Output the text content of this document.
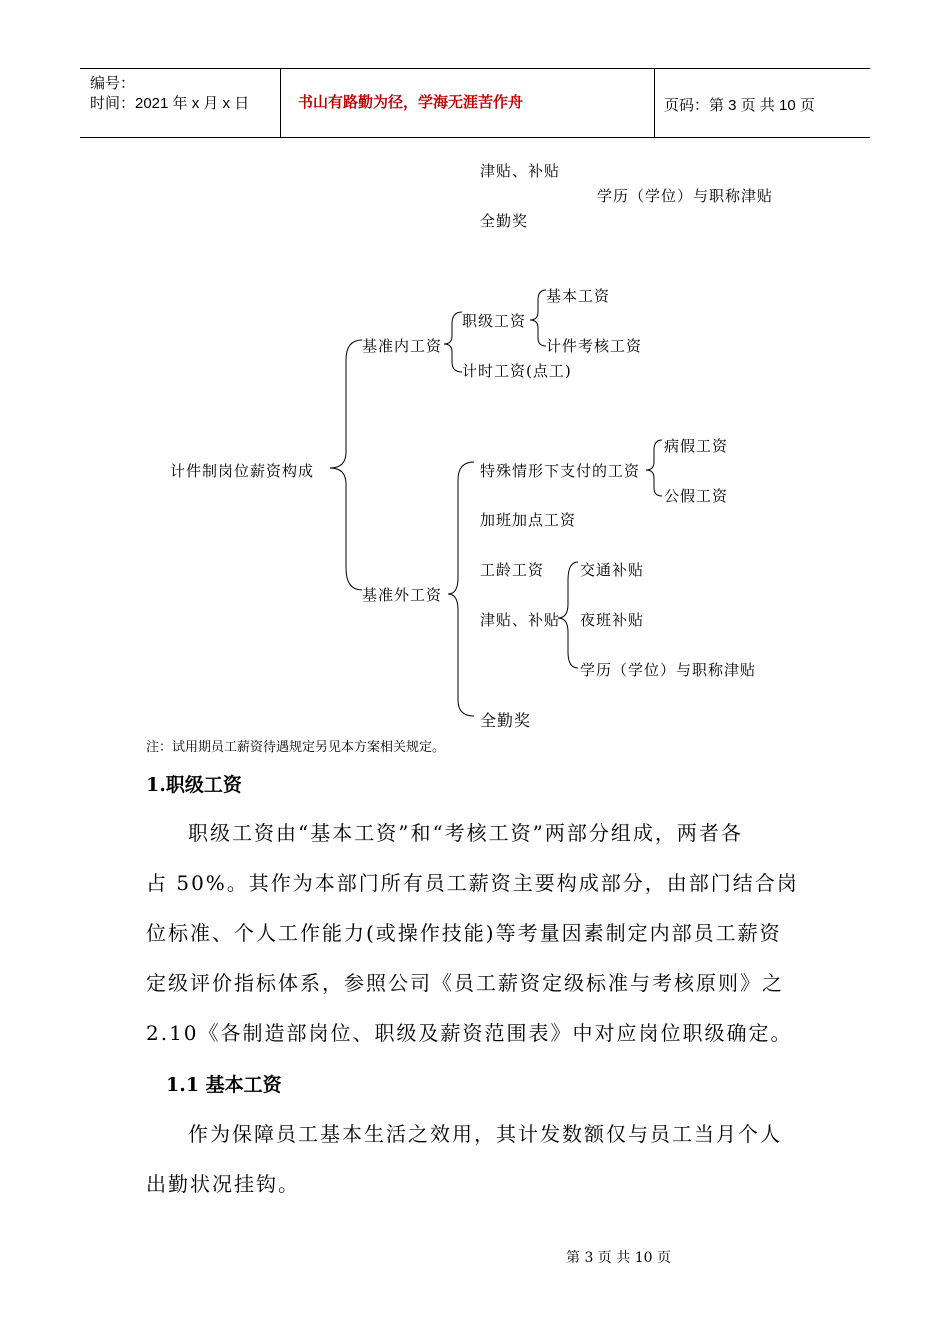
编号：
时间：2021 年 x 月 x 日	书山有路勤为径，学海无涯苦作舟	页码：第 3 页 共 10 页
津贴、补贴
学历（学位）与职称津贴
全勤奖
计件制岗位薪资构成
基准内工资
职级工资
基本工资
计件考核工资
计时工资(点工)
基准外工资
特殊情形下支付的工资
病假工资
公假工资
加班加点工资
工龄工资 交通补贴
津贴、补贴 夜班补贴
学历（学位）与职称津贴
全勤奖
注：试用期员工薪资待遇规定另见本方案相关规定。
1.职级工资
职级工资由“基本工资”和“考核工资”两部分组成，两者各
占 50%。其作为本部门所有员工薪资主要构成部分，由部门结合岗
位标准、个人工作能力(或操作技能)等考量因素制定内部员工薪资
定级评价指标体系，参照公司《员工薪资定级标准与考核原则》之
2.10《各制造部岗位、职级及薪资范围表》中对应岗位职级确定。
1.1 基本工资
作为保障员工基本生活之效用，其计发数额仅与员工当月个人
出勤状况挂钩。
第 3 页 共 10 页
